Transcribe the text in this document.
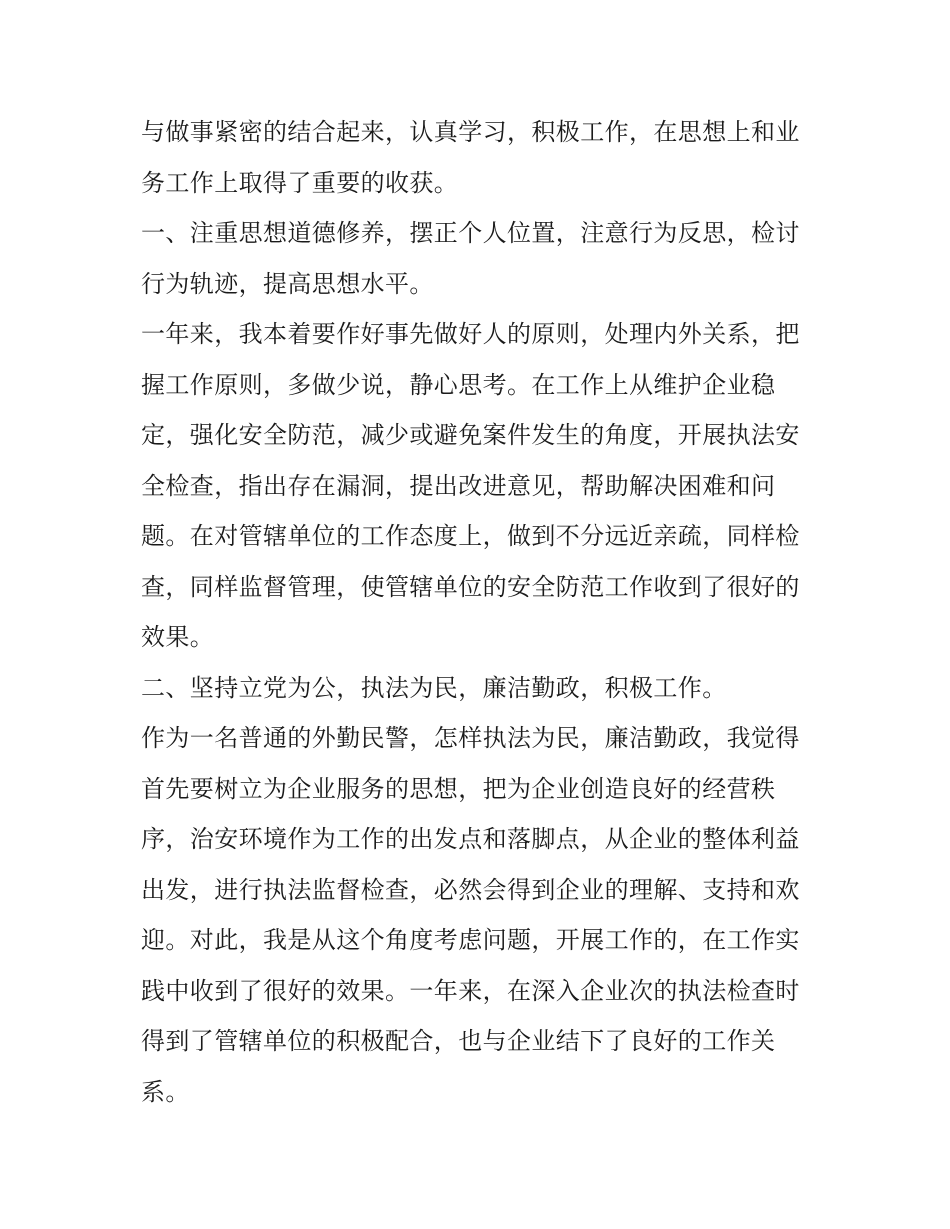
与做事紧密的结合起来，认真学习，积极工作，在思想上和业
务工作上取得了重要的收获。
一、注重思想道德修养，摆正个人位置，注意行为反思，检讨
行为轨迹，提高思想水平。
一年来，我本着要作好事先做好人的原则，处理内外关系，把
握工作原则，多做少说，静心思考。在工作上从维护企业稳
定，强化安全防范，减少或避免案件发生的角度，开展执法安
全检查，指出存在漏洞，提出改进意见，帮助解决困难和问
题。在对管辖单位的工作态度上，做到不分远近亲疏，同样检
查，同样监督管理，使管辖单位的安全防范工作收到了很好的
效果。
二、坚持立党为公，执法为民，廉洁勤政，积极工作。
作为一名普通的外勤民警，怎样执法为民，廉洁勤政，我觉得
首先要树立为企业服务的思想，把为企业创造良好的经营秩
序，治安环境作为工作的出发点和落脚点，从企业的整体利益
出发，进行执法监督检查，必然会得到企业的理解、支持和欢
迎。对此，我是从这个角度考虑问题，开展工作的，在工作实
践中收到了很好的效果。一年来，在深入企业次的执法检查时
得到了管辖单位的积极配合，也与企业结下了良好的工作关
系。
